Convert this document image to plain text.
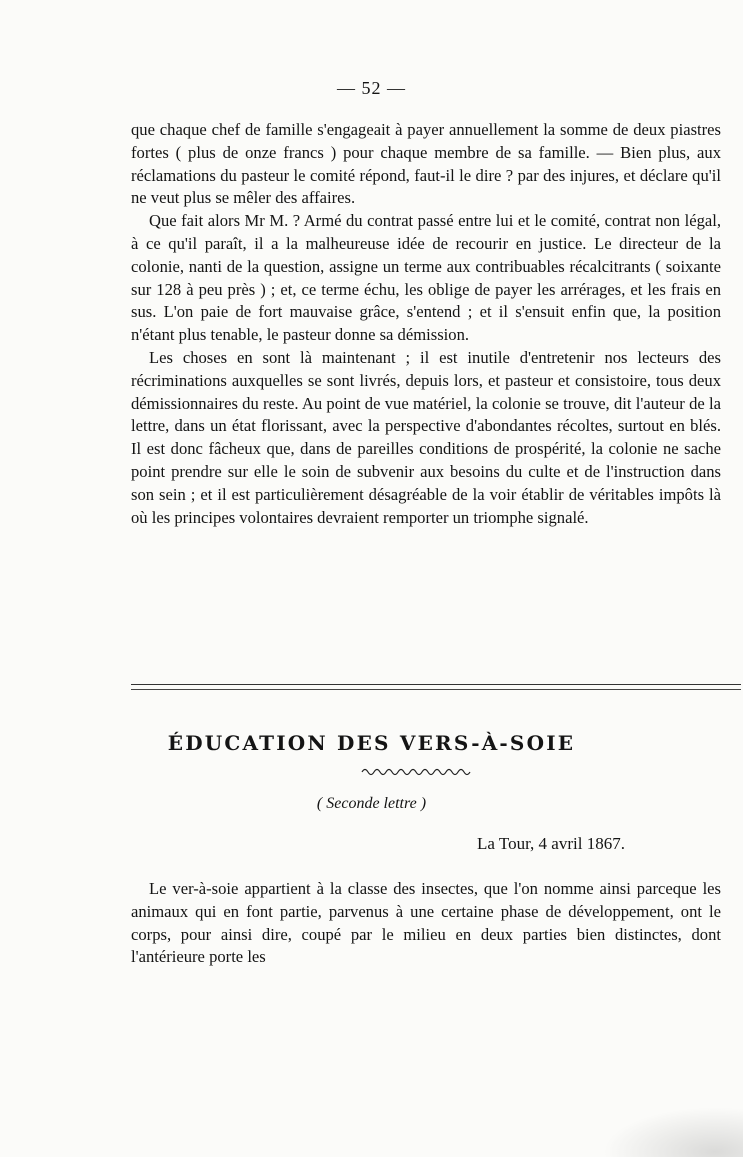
— 52 —

que chaque chef de famille s'engageait à payer annuellement la somme de deux piastres fortes ( plus de onze francs ) pour chaque membre de sa famille. — Bien plus, aux réclamations du pasteur le comité répond, faut-il le dire ? par des injures, et déclare qu'il ne veut plus se mêler des affaires.

Que fait alors Mr M. ? Armé du contrat passé entre lui et le comité, contrat non légal, à ce qu'il paraît, il a la malheureuse idée de recourir en justice. Le directeur de la colonie, nanti de la question, assigne un terme aux contribuables récalcitrants ( soixante sur 128 à peu près ) ; et, ce terme échu, les oblige de payer les arrérages, et les frais en sus. L'on paie de fort mauvaise grâce, s'entend ; et il s'ensuit enfin que, la position n'étant plus tenable, le pasteur donne sa démission.

Les choses en sont là maintenant ; il est inutile d'entretenir nos lecteurs des récriminations auxquelles se sont livrés, depuis lors, et pasteur et consistoire, tous deux démissionnaires du reste. Au point de vue matériel, la colonie se trouve, dit l'auteur de la lettre, dans un état florissant, avec la perspective d'abondantes récoltes, surtout en blés. Il est donc fâcheux que, dans de pareilles conditions de prospérité, la colonie ne sache point prendre sur elle le soin de subvenir aux besoins du culte et de l'instruction dans son sein ; et il est particulièrement désagréable de la voir établir de véritables impôts là où les principes volontaires devraient remporter un triomphe signalé.

ÉDUCATION DES VERS-À-SOIE
( Seconde lettre )
La Tour, 4 avril 1867.

Le ver-à-soie appartient à la classe des insectes, que l'on nomme ainsi parceque les animaux qui en font partie, parvenus à une certaine phase de développement, ont le corps, pour ainsi dire, coupé par le milieu en deux parties bien distinctes, dont l'antérieure porte les
